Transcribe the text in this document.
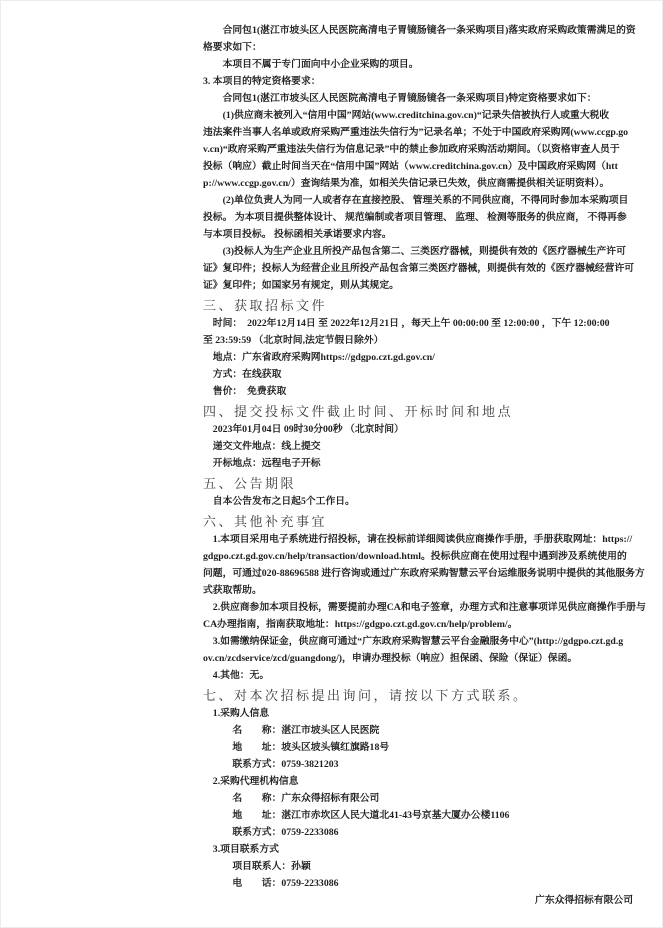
　　合同包1(湛江市坡头区人民医院高清电子胃镜肠镜各一条采购项目)落实政府采购政策需满足的资
格要求如下：
　　本项目不属于专门面向中小企业采购的项目。
3. 本项目的特定资格要求：
　　合同包1(湛江市坡头区人民医院高清电子胃镜肠镜各一条采购项目)特定资格要求如下：
　　(1)供应商未被列入“信用中国”网站(www.creditchina.gov.cn)“记录失信被执行人或重大税收
违法案件当事人名单或政府采购严重违法失信行为”记录名单；不处于中国政府采购网(www.ccgp.go
v.cn)“政府采购严重违法失信行为信息记录”中的禁止参加政府采购活动期间。（以资格审查人员于
投标（响应）截止时间当天在“信用中国”网站（www.creditchina.gov.cn）及中国政府采购网（htt
p://www.ccgp.gov.cn/）查询结果为准，如相关失信记录已失效，供应商需提供相关证明资料）。
　　(2)单位负责人为同一人或者存在直接控股、 管理关系的不同供应商，不得同时参加本采购项目
投标。 为本项目提供整体设计、 规范编制或者项目管理、 监理、 检测等服务的供应商， 不得再参
与本项目投标。 投标函相关承诺要求内容。
　　(3)投标人为生产企业且所投产品包含第二、三类医疗器械，则提供有效的《医疗器械生产许可
证》复印件；投标人为经营企业且所投产品包含第三类医疗器械，则提供有效的《医疗器械经营许可
证》复印件；如国家另有规定，则从其规定。
三、获取招标文件
　时间：  2022年12月14日 至 2022年12月21日 ，每天上午 00:00:00 至 12:00:00 ，下午 12:00:00
至 23:59:59 （北京时间,法定节假日除外）
　地点：广东省政府采购网https://gdgpo.czt.gd.gov.cn/
　方式：在线获取
　售价：　免费获取
四、提交投标文件截止时间、开标时间和地点
　2023年01月04日 09时30分00秒 （北京时间）
　递交文件地点：线上提交
　开标地点：远程电子开标
五、公告期限
　自本公告发布之日起5个工作日。
六、其他补充事宜
　1.本项目采用电子系统进行招投标，请在投标前详细阅读供应商操作手册，手册获取网址：https://
gdgpo.czt.gd.gov.cn/help/transaction/download.html。投标供应商在使用过程中遇到涉及系统使用的
问题，可通过020-88696588 进行咨询或通过广东政府采购智慧云平台运维服务说明中提供的其他服务方
式获取帮助。
　2.供应商参加本项目投标，需要提前办理CA和电子签章，办理方式和注意事项详见供应商操作手册与
CA办理指南，指南获取地址：https://gdgpo.czt.gd.gov.cn/help/problem/。
　3.如需缴纳保证金，供应商可通过“广东政府采购智慧云平台金融服务中心”(http://gdgpo.czt.gd.g
ov.cn/zcdservice/zcd/guangdong/)，申请办理投标（响应）担保函、保险（保证）保函。
　4.其他：无。
七、对本次招标提出询问，请按以下方式联系。
　1.采购人信息
　　　名　　称：湛江市坡头区人民医院
　　　地　　址：坡头区坡头镇红旗路18号
　　　联系方式：0759-3821203
　2.采购代理机构信息
　　　名　　称：广东众得招标有限公司
　　　地　　址：湛江市赤坎区人民大道北41-43号京基大厦办公楼1106
　　　联系方式：0759-2233086
　3.项目联系方式
　　　项目联系人：孙颖
　　　电　　话：0759-2233086
广东众得招标有限公司
